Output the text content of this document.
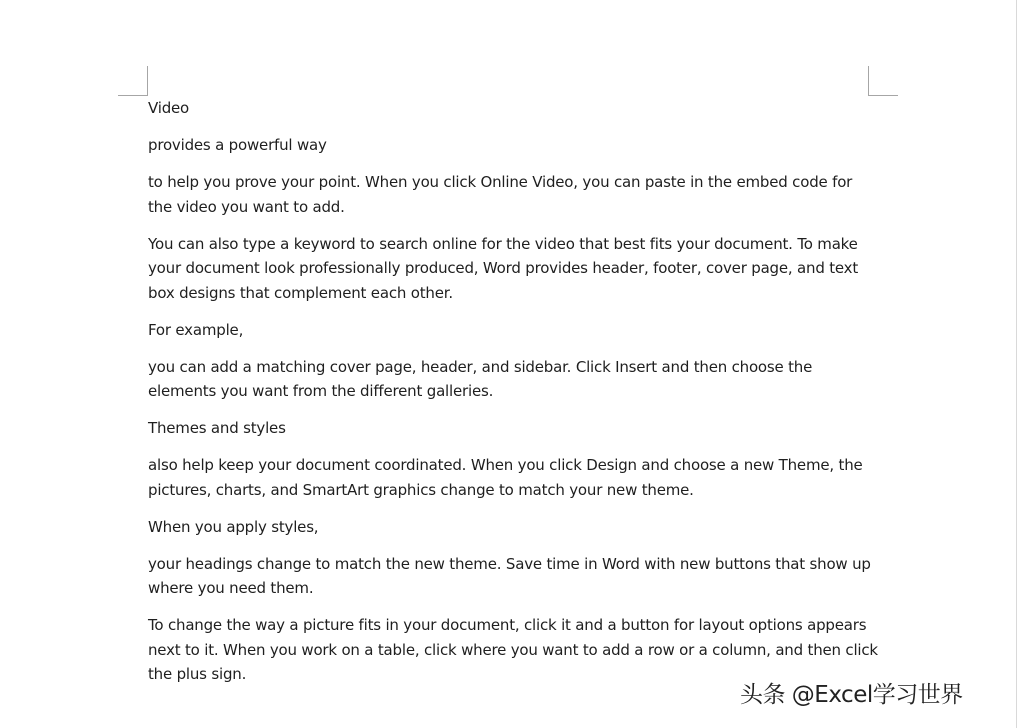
Video

provides a powerful way

to help you prove your point. When you click Online Video, you can paste in the embed code for the video you want to add.

You can also type a keyword to search online for the video that best fits your document. To make your document look professionally produced, Word provides header, footer, cover page, and text box designs that complement each other.

For example,

you can add a matching cover page, header, and sidebar. Click Insert and then choose the elements you want from the different galleries.

Themes and styles

also help keep your document coordinated. When you click Design and choose a new Theme, the pictures, charts, and SmartArt graphics change to match your new theme.

When you apply styles,

your headings change to match the new theme. Save time in Word with new buttons that show up where you need them.

To change the way a picture fits in your document, click it and a button for layout options appears next to it. When you work on a table, click where you want to add a row or a column, and then click the plus sign.

头条 @Excel学习世界
